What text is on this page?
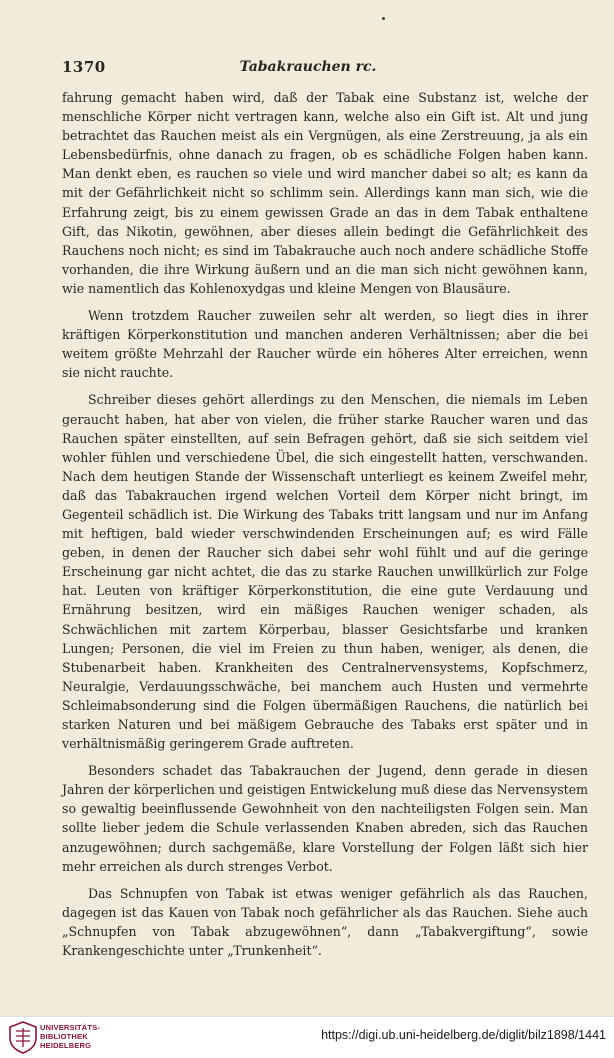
1370	Tabakrauchen rc.

fahrung gemacht haben wird, daß der Tabak eine Substanz ist, welche der menschliche Körper nicht vertragen kann, welche also ein Gift ist. Alt und jung betrachtet das Rauchen meist als ein Vergnügen, als eine Zerstreuung, ja als ein Lebensbedürfnis, ohne danach zu fragen, ob es schädliche Folgen haben kann. Man denkt eben, es rauchen so viele und wird mancher dabei so alt; es kann da mit der Gefährlichkeit nicht so schlimm sein. Allerdings kann man sich, wie die Erfahrung zeigt, bis zu einem gewissen Grade an das in dem Tabak enthaltene Gift, das Nikotin, gewöhnen, aber dieses allein bedingt die Gefährlichkeit des Rauchens noch nicht; es sind im Tabakrauche auch noch andere schädliche Stoffe vorhanden, die ihre Wirkung äußern und an die man sich nicht gewöhnen kann, wie namentlich das Kohlenoxydgas und kleine Mengen von Blausäure.

Wenn trotzdem Raucher zuweilen sehr alt werden, so liegt dies in ihrer kräftigen Körperkonstitution und manchen anderen Verhältnissen; aber die bei weitem größte Mehrzahl der Raucher würde ein höheres Alter erreichen, wenn sie nicht rauchte.

Schreiber dieses gehört allerdings zu den Menschen, die niemals im Leben geraucht haben, hat aber von vielen, die früher starke Raucher waren und das Rauchen später einstellten, auf sein Befragen gehört, daß sie sich seitdem viel wohler fühlen und verschiedene Übel, die sich eingestellt hatten, verschwanden. Nach dem heutigen Stande der Wissenschaft unterliegt es keinem Zweifel mehr, daß das Tabakrauchen irgend welchen Vorteil dem Körper nicht bringt, im Gegenteil schädlich ist. Die Wirkung des Tabaks tritt langsam und nur im Anfang mit heftigen, bald wieder verschwindenden Erscheinungen auf; es wird Fälle geben, in denen der Raucher sich dabei sehr wohl fühlt und auf die geringe Erscheinung gar nicht achtet, die das zu starke Rauchen unwillkürlich zur Folge hat. Leuten von kräftiger Körperkonstitution, die eine gute Verdauung und Ernährung besitzen, wird ein mäßiges Rauchen weniger schaden, als Schwächlichen mit zartem Körperbau, blasser Gesichtsfarbe und kranken Lungen; Personen, die viel im Freien zu thun haben, weniger, als denen, die Stubenarbeit haben. Krankheiten des Centralnervensystems, Kopfschmerz, Neuralgie, Verdauungsschwäche, bei manchem auch Husten und vermehrte Schleimabsonderung sind die Folgen übermäßigen Rauchens, die natürlich bei starken Naturen und bei mäßigem Gebrauche des Tabaks erst später und in verhältnismäßig geringerem Grade auftreten.

Besonders schadet das Tabakrauchen der Jugend, denn gerade in diesen Jahren der körperlichen und geistigen Entwickelung muß diese das Nervensystem so gewaltig beeinflussende Gewohnheit von den nachteiligsten Folgen sein. Man sollte lieber jedem die Schule verlassenden Knaben abreden, sich das Rauchen anzugewöhnen; durch sachgemäße, klare Vorstellung der Folgen läßt sich hier mehr erreichen als durch strenges Verbot.

Das Schnupfen von Tabak ist etwas weniger gefährlich als das Rauchen, dagegen ist das Kauen von Tabak noch gefährlicher als das Rauchen. Siehe auch „Schnupfen von Tabak abzugewöhnen“, dann „Tabakvergiftung“, sowie Krankengeschichte unter „Trunkenheit“.

UNIVERSITÄTS-
BIBLIOTHEK
HEIDELBERG
https://digi.ub.uni-heidelberg.de/diglit/bilz1898/1441
